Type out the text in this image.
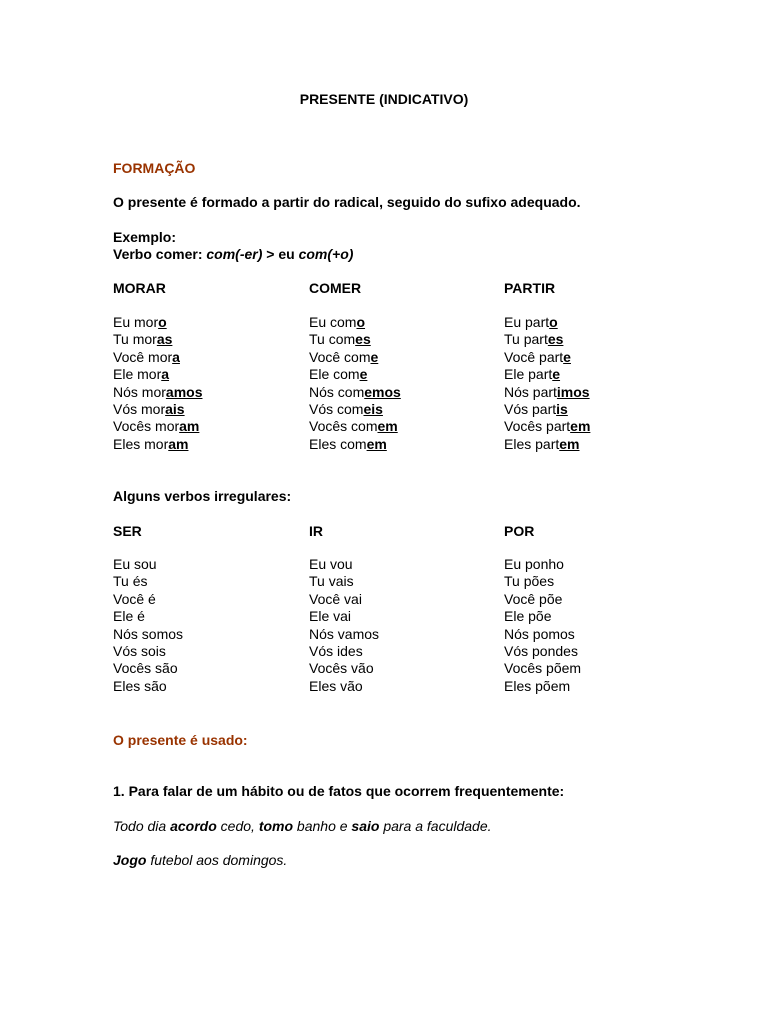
PRESENTE (INDICATIVO)
FORMAÇÃO
O presente é formado a partir do radical, seguido do sufixo adequado.
Exemplo:
Verbo comer: com(-er) > eu com(+o)
MORAR
Eu moro
Tu moras
Você mora
Ele mora
Nós moramos
Vós morais
Vocês moram
Eles moram
COMER
Eu como
Tu comes
Você come
Ele come
Nós comemos
Vós comeis
Vocês comem
Eles comem
PARTIR
Eu parto
Tu partes
Você parte
Ele parte
Nós partimos
Vós partis
Vocês partem
Eles partem
Alguns verbos irregulares:
SER
Eu sou
Tu és
Você é
Ele é
Nós somos
Vós sois
Vocês são
Eles são
IR
Eu vou
Tu vais
Você vai
Ele vai
Nós vamos
Vós ides
Vocês vão
Eles vão
POR
Eu ponho
Tu pões
Você põe
Ele põe
Nós pomos
Vós pondes
Vocês põem
Eles põem
O presente é usado:
1. Para falar de um hábito ou de fatos que ocorrem frequentemente:
Todo dia acordo cedo, tomo banho e saio para a faculdade.
Jogo futebol aos domingos.
